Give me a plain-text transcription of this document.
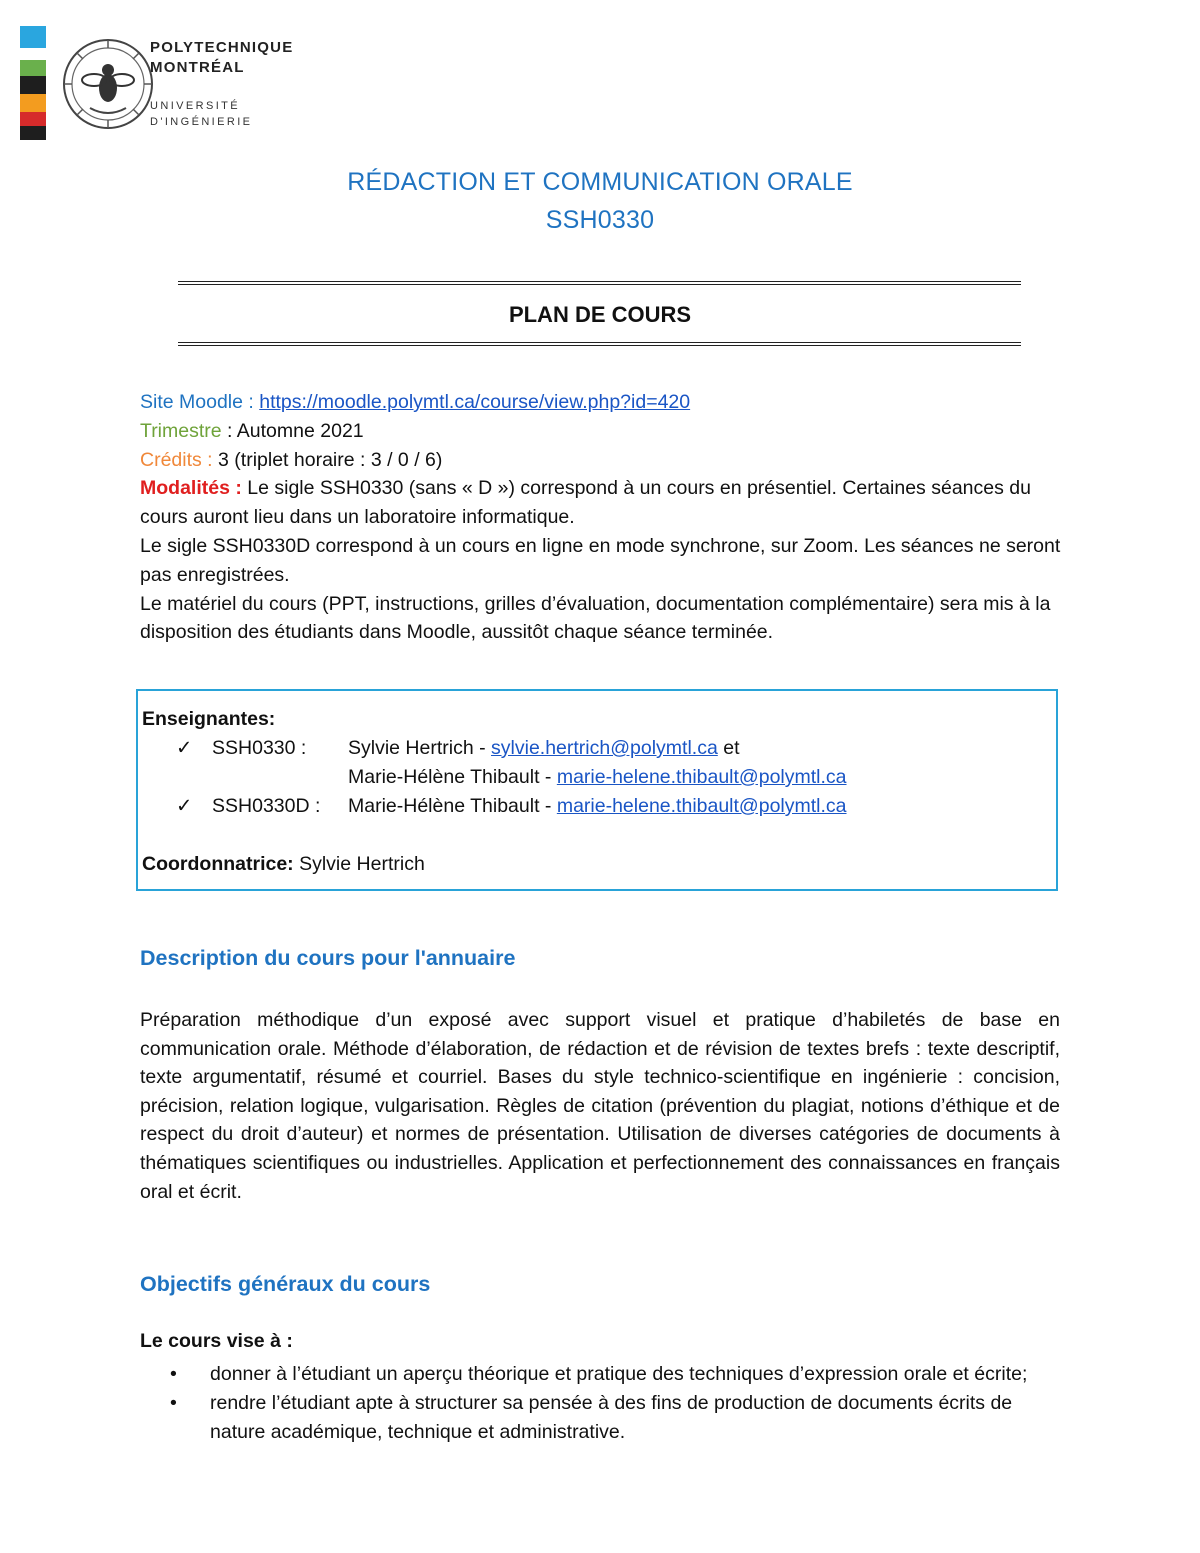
POLYTECHNIQUE
MONTRÉAL
UNIVERSITÉ
D'INGÉNIERIE
RÉDACTION ET COMMUNICATION ORALE
SSH0330
PLAN DE COURS

Site Moodle : https://moodle.polymtl.ca/course/view.php?id=420

Trimestre : Automne 2021

Crédits : 3 (triplet horaire : 3 / 0 / 6)

Modalités : Le sigle SSH0330 (sans « D ») correspond à un cours en présentiel. Certaines séances du cours auront lieu dans un laboratoire informatique.

Le sigle SSH0330D correspond à un cours en ligne en mode synchrone, sur Zoom. Les séances ne seront pas enregistrées.

Le matériel du cours (PPT, instructions, grilles d’évaluation, documentation complémentaire) sera mis à la disposition des étudiants dans Moodle, aussitôt chaque séance terminée.

Enseignantes:
✓ SSH0330 : Sylvie Hertrich - sylvie.hertrich@polymtl.ca et
Marie-Hélène Thibault - marie-helene.thibault@polymtl.ca
✓ SSH0330D : Marie-Hélène Thibault - marie-helene.thibault@polymtl.ca
Coordonnatrice: Sylvie Hertrich
Description du cours pour l'annuaire

Préparation méthodique d’un exposé avec support visuel et pratique d’habiletés de base en communication orale. Méthode d’élaboration, de rédaction et de révision de textes brefs : texte descriptif, texte argumentatif, résumé et courriel. Bases du style technico-scientifique en ingénierie : concision, précision, relation logique, vulgarisation. Règles de citation (prévention du plagiat, notions d’éthique et de respect du droit d’auteur) et normes de présentation. Utilisation de diverses catégories de documents à thématiques scientifiques ou industrielles. Application et perfectionnement des connaissances en français oral et écrit.

Objectifs généraux du cours
Le cours vise à :
• donner à l’étudiant un aperçu théorique et pratique des techniques d’expression orale et écrite;
• rendre l’étudiant apte à structurer sa pensée à des fins de production de documents écrits de nature académique, technique et administrative.
